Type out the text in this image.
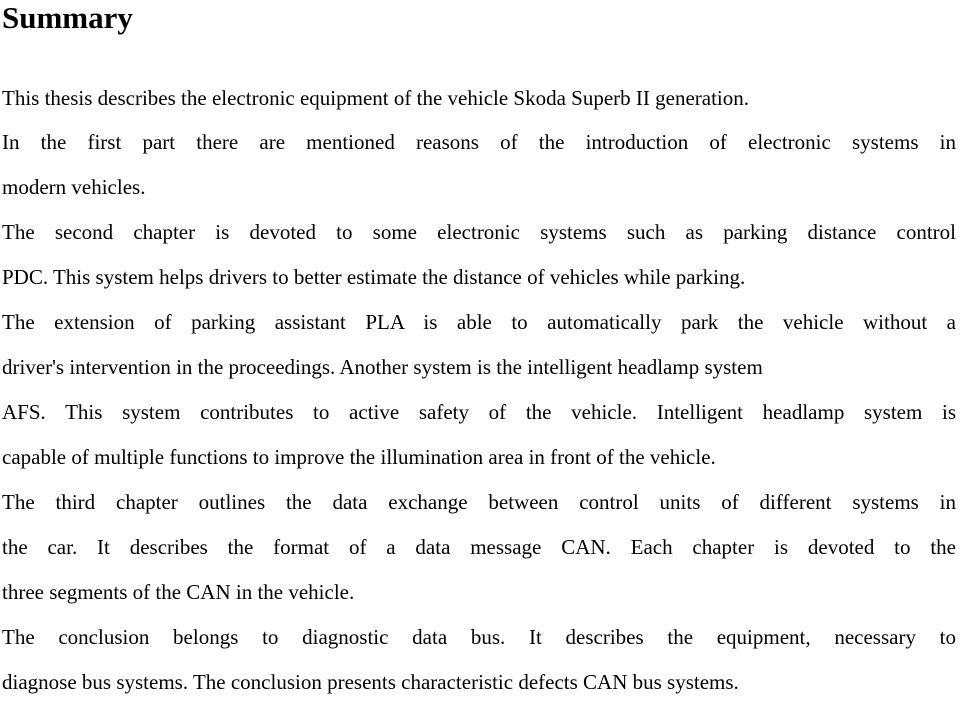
Summary

This thesis describes the electronic equipment of the vehicle Skoda Superb II generation.

In the first part there are mentioned reasons of the introduction of electronic systems in

modern vehicles.

The second chapter is devoted to some electronic systems such as parking distance control

PDC. This system helps drivers to better estimate the distance of vehicles while parking.

The extension of parking assistant PLA is able to automatically park the vehicle without a

driver's intervention in the proceedings. Another system is the intelligent headlamp system

AFS. This system contributes to active safety of the vehicle. Intelligent headlamp system is

capable of multiple functions to improve the illumination area in front of the vehicle.

The third chapter outlines the data exchange between control units of different systems in

the car. It describes the format of a data message CAN. Each chapter is devoted to the

three segments of the CAN in the vehicle.

The conclusion belongs to diagnostic data bus. It describes the equipment, necessary to

diagnose bus systems. The conclusion presents characteristic defects CAN bus systems.
